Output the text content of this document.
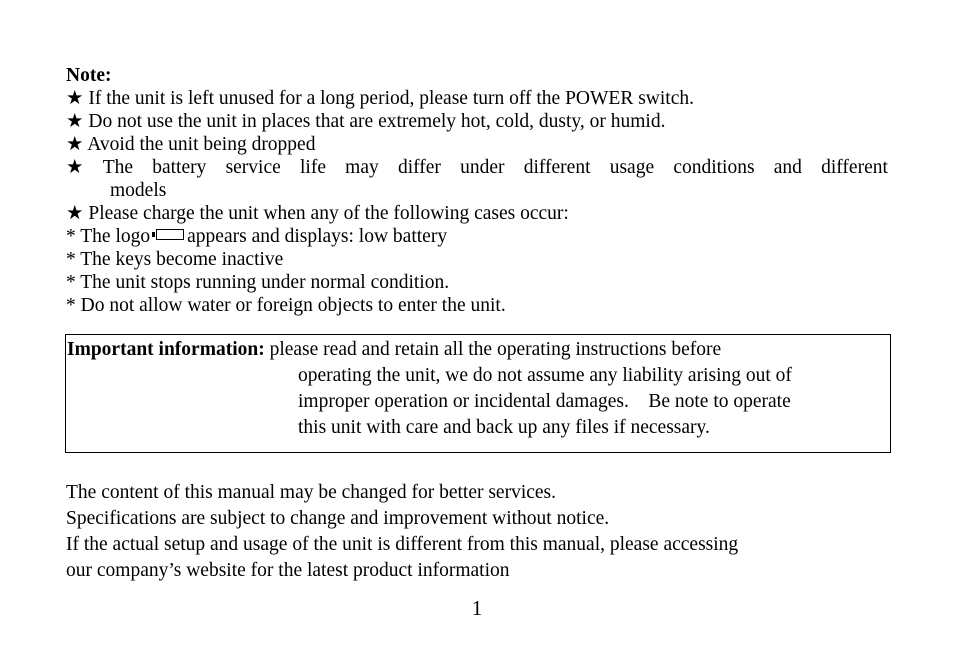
Note:
★ If the unit is left unused for a long period, please turn off the POWER switch.
★ Do not use the unit in places that are extremely hot, cold, dusty, or humid.
★ Avoid the unit being dropped
★ The battery service life may differ under different usage conditions and different
models
★ Please charge the unit when any of the following cases occur:
* The logo appears and displays: low battery
* The keys become inactive
* The unit stops running under normal condition.
* Do not allow water or foreign objects to enter the unit.
Important information: please read and retain all the operating instructions before
operating the unit, we do not assume any liability arising out of
improper operation or incidental damages.    Be note to operate
this unit with care and back up any files if necessary.
The content of this manual may be changed for better services.
Specifications are subject to change and improvement without notice.
If the actual setup and usage of the unit is different from this manual, please accessing
our company’s website for the latest product information
1
